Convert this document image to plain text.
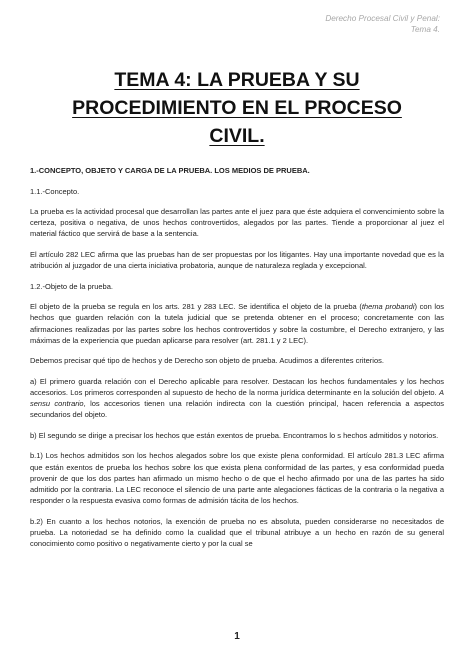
Derecho Procesal Civil y Penal:
Tema 4.
TEMA 4: LA PRUEBA Y SU
PROCEDIMIENTO EN EL PROCESO
CIVIL.

1.-CONCEPTO, OBJETO Y CARGA DE LA PRUEBA. LOS MEDIOS DE PRUEBA.

1.1.-Concepto.

La prueba es la actividad procesal que desarrollan las partes ante el juez para que éste adquiera el convencimiento sobre la certeza, positiva o negativa, de unos hechos controvertidos, alegados por las partes. Tiende a proporcionar al juez el material fáctico que servirá de base a la sentencia.

El artículo 282 LEC afirma que las pruebas han de ser propuestas por los litigantes. Hay una importante novedad que es la atribución al juzgador de una cierta iniciativa probatoria, aunque de naturaleza reglada y excepcional.

1.2.-Objeto de la prueba.

El objeto de la prueba se regula en los arts. 281 y 283 LEC. Se identifica el objeto de la prueba (thema probandi) con los hechos que guarden relación con la tutela judicial que se pretenda obtener en el proceso; concretamente con las afirmaciones realizadas por las partes sobre los hechos controvertidos y sobre la costumbre, el Derecho extranjero, y las máximas de la experiencia que puedan aplicarse para resolver (art. 281.1 y 2 LEC).

Debemos precisar qué tipo de hechos y de Derecho son objeto de prueba. Acudimos a diferentes criterios.

a) El primero guarda relación con el Derecho aplicable para resolver. Destacan los hechos fundamentales y los hechos accesorios. Los primeros corresponden al supuesto de hecho de la norma jurídica determinante en la solución del objeto. A sensu contrario, los accesorios tienen una relación indirecta con la cuestión principal, hacen referencia a aspectos secundarios del objeto.

b) El segundo se dirige a precisar los hechos que están exentos de prueba. Encontramos lo s hechos admitidos y notorios.

b.1) Los hechos admitidos son los hechos alegados sobre los que existe plena conformidad. El artículo 281.3 LEC afirma que están exentos de prueba los hechos sobre los que exista plena conformidad de las partes, y esa conformidad pueda provenir de que los dos partes han afirmado un mismo hecho o de que el hecho afirmado por una de las partes ha sido admitido por la contraria. La LEC reconoce el silencio de una parte ante alegaciones fácticas de la contraria o la negativa a responder o la respuesta evasiva como formas de admisión tácita de los hechos.

b.2) En cuanto a los hechos notorios, la exención de prueba no es absoluta, pueden considerarse no necesitados de prueba. La notoriedad se ha definido como la cualidad que el tribunal atribuye a un hecho en razón de su general conocimiento como positivo o negativamente cierto y por la cual se

1
